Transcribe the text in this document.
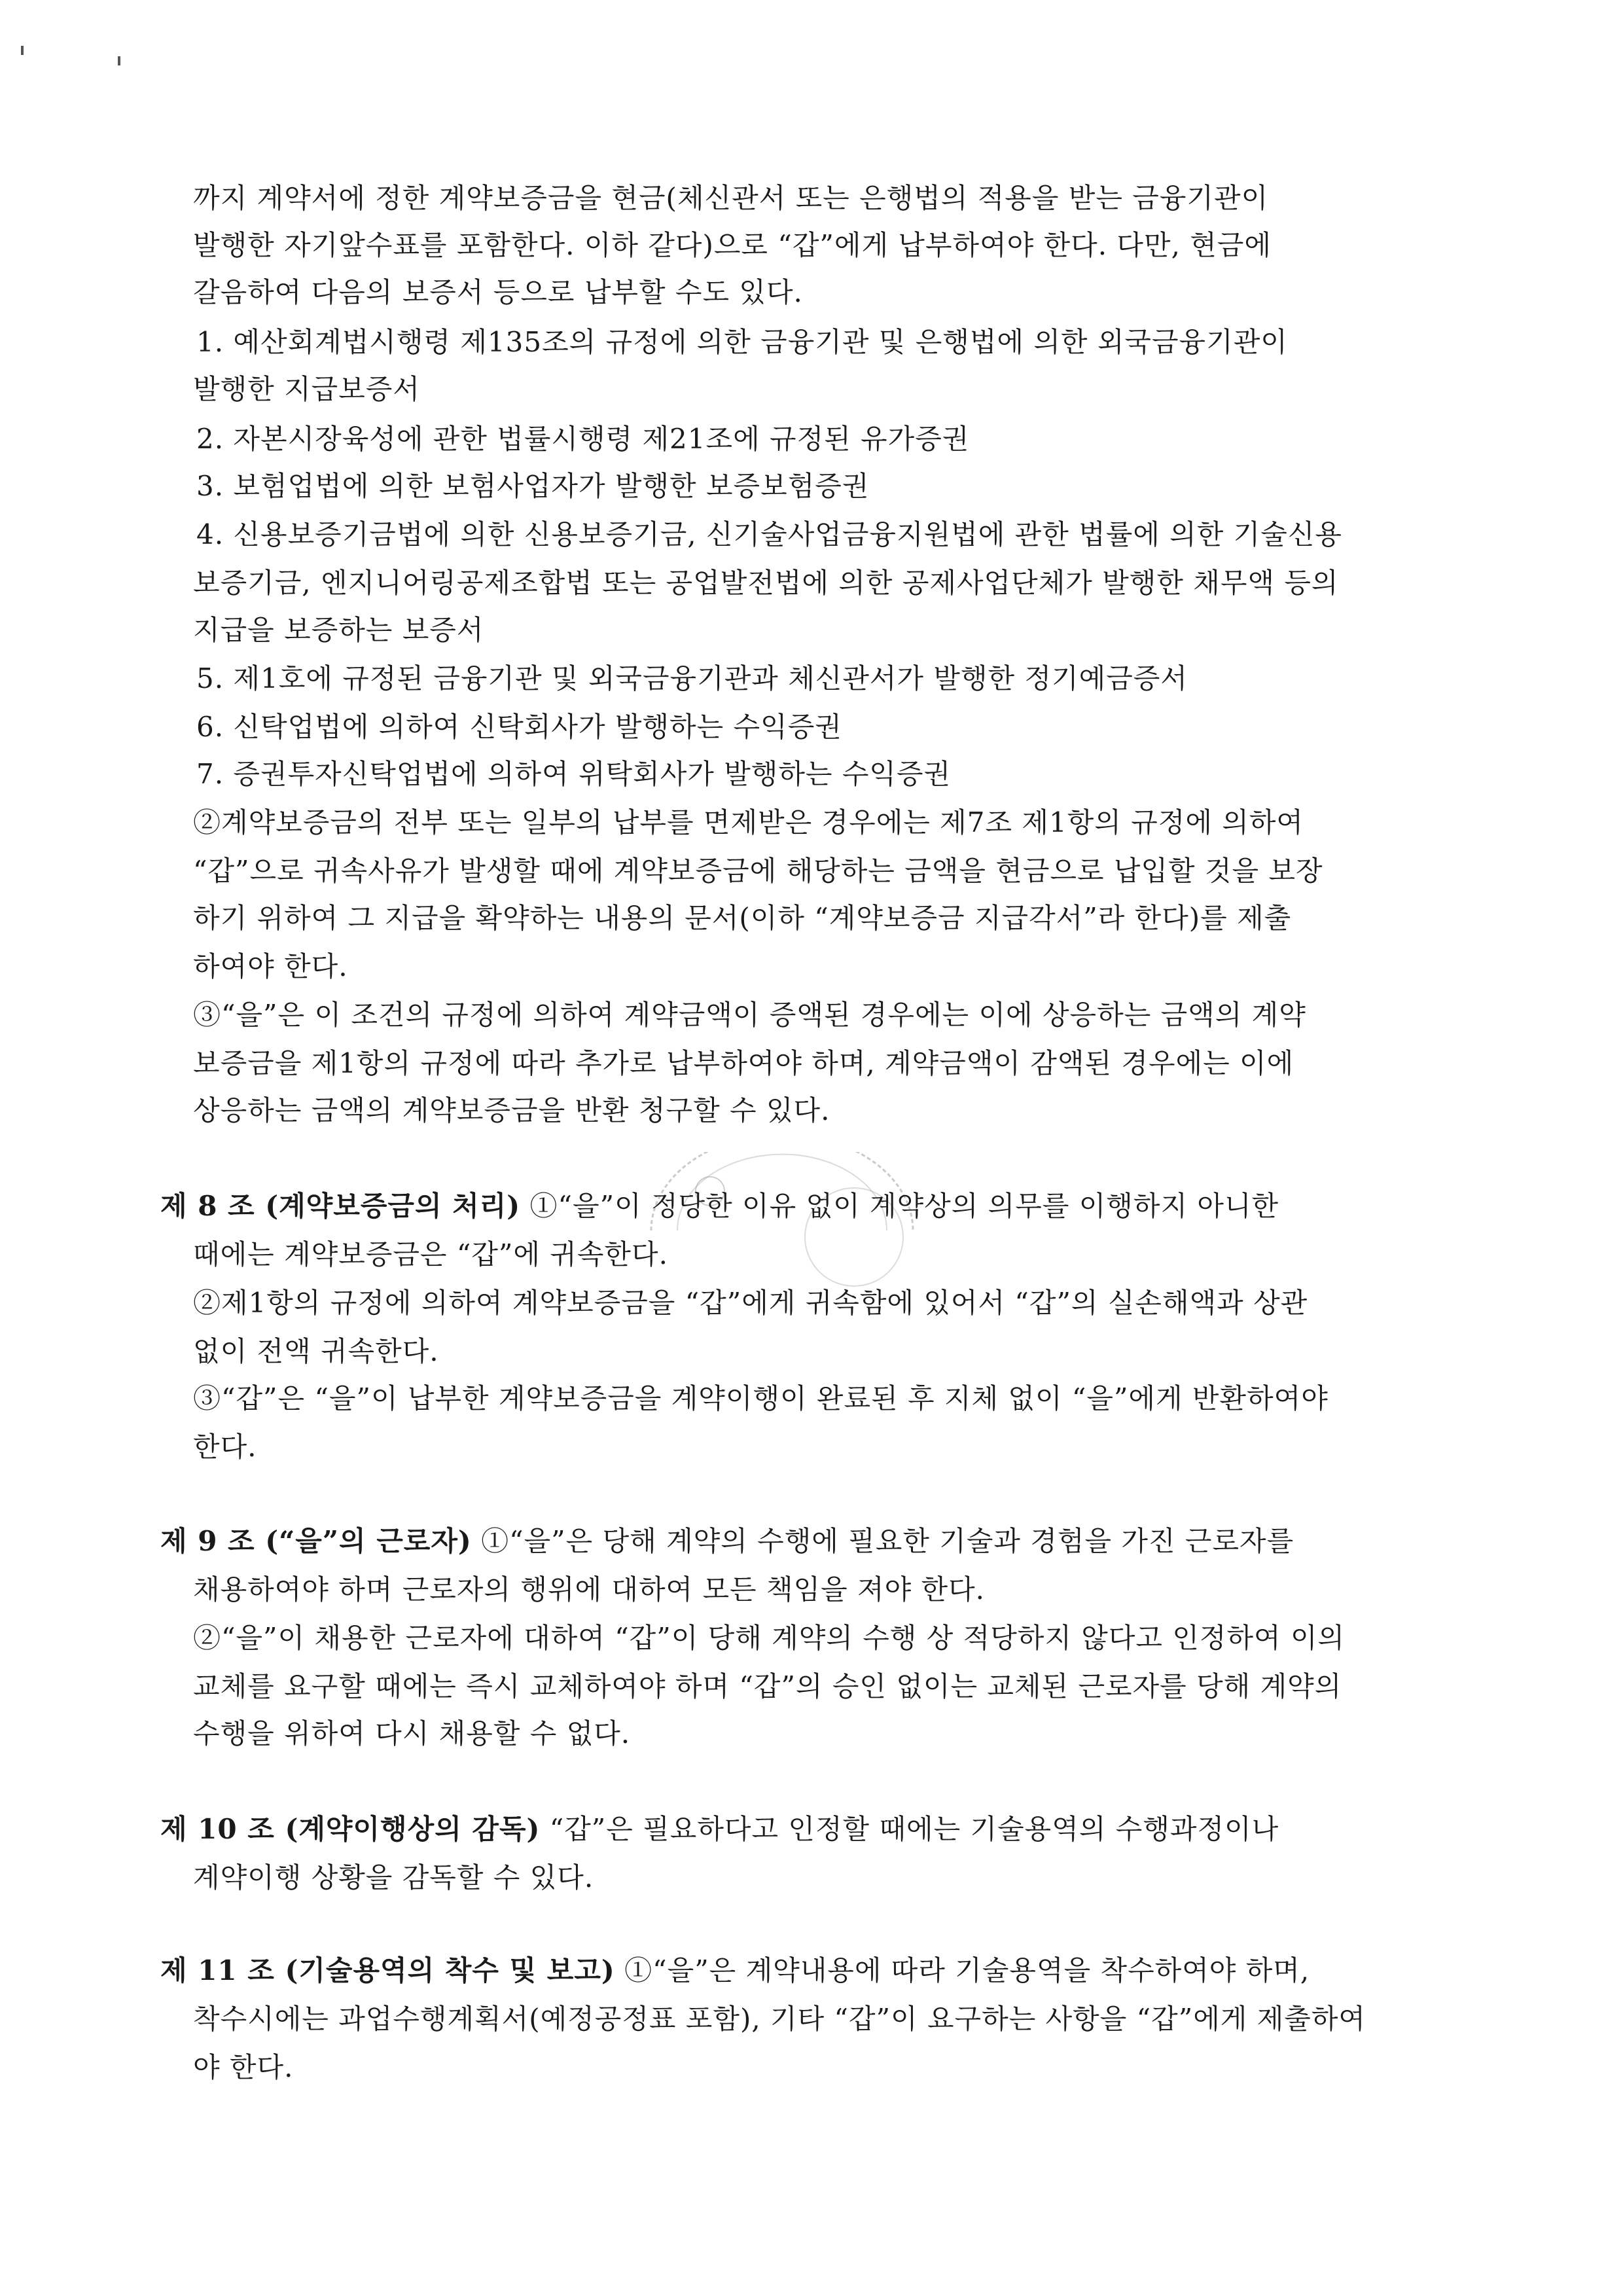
까지 계약서에 정한 계약보증금을 현금(체신관서 또는 은행법의 적용을 받는 금융기관이
발행한 자기앞수표를 포함한다. 이하 같다)으로 “갑”에게 납부하여야 한다. 다만, 현금에
갈음하여 다음의 보증서 등으로 납부할 수도 있다.
1. 예산회계법시행령 제135조의 규정에 의한 금융기관 및 은행법에 의한 외국금융기관이
발행한 지급보증서
2. 자본시장육성에 관한 법률시행령 제21조에 규정된 유가증권
3. 보험업법에 의한 보험사업자가 발행한 보증보험증권
4. 신용보증기금법에 의한 신용보증기금, 신기술사업금융지원법에 관한 법률에 의한 기술신용
보증기금, 엔지니어링공제조합법 또는 공업발전법에 의한 공제사업단체가 발행한 채무액 등의
지급을 보증하는 보증서
5. 제1호에 규정된 금융기관 및 외국금융기관과 체신관서가 발행한 정기예금증서
6. 신탁업법에 의하여 신탁회사가 발행하는 수익증권
7. 증권투자신탁업법에 의하여 위탁회사가 발행하는 수익증권
②계약보증금의 전부 또는 일부의 납부를 면제받은 경우에는 제7조 제1항의 규정에 의하여
“갑”으로 귀속사유가 발생할 때에 계약보증금에 해당하는 금액을 현금으로 납입할 것을 보장
하기 위하여 그 지급을 확약하는 내용의 문서(이하 “계약보증금 지급각서”라 한다)를 제출
하여야 한다.
③“을”은 이 조건의 규정에 의하여 계약금액이 증액된 경우에는 이에 상응하는 금액의 계약
보증금을 제1항의 규정에 따라 추가로 납부하여야 하며, 계약금액이 감액된 경우에는 이에
상응하는 금액의 계약보증금을 반환 청구할 수 있다.
제 8 조 (계약보증금의 처리) ①“을”이 정당한 이유 없이 계약상의 의무를 이행하지 아니한
때에는 계약보증금은 “갑”에 귀속한다.
②제1항의 규정에 의하여 계약보증금을 “갑”에게 귀속함에 있어서 “갑”의 실손해액과 상관
없이 전액 귀속한다.
③“갑”은 “을”이 납부한 계약보증금을 계약이행이 완료된 후 지체 없이 “을”에게 반환하여야
한다.
제 9 조 (“을”의 근로자) ①“을”은 당해 계약의 수행에 필요한 기술과 경험을 가진 근로자를
채용하여야 하며 근로자의 행위에 대하여 모든 책임을 져야 한다.
②“을”이 채용한 근로자에 대하여 “갑”이 당해 계약의 수행 상 적당하지 않다고 인정하여 이의
교체를 요구할 때에는 즉시 교체하여야 하며 “갑”의 승인 없이는 교체된 근로자를 당해 계약의
수행을 위하여 다시 채용할 수 없다.
제 10 조 (계약이행상의 감독) “갑”은 필요하다고 인정할 때에는 기술용역의 수행과정이나
계약이행 상황을 감독할 수 있다.
제 11 조 (기술용역의 착수 및 보고) ①“을”은 계약내용에 따라 기술용역을 착수하여야 하며,
착수시에는 과업수행계획서(예정공정표 포함), 기타 “갑”이 요구하는 사항을 “갑”에게 제출하여
야 한다.
